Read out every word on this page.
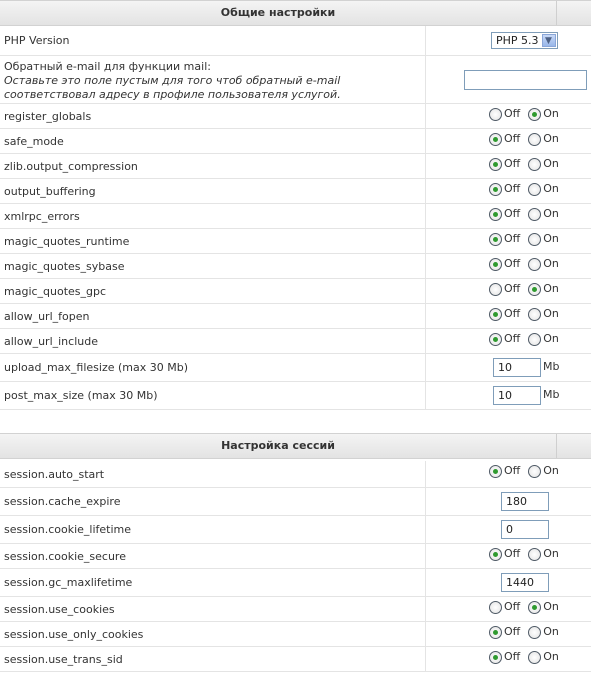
Общие настройки
PHP Version	PHP 5.3 ▼
Обратный e-mail для функции mail:
Оставьте это поле пустым для того чтоб обратный e-mail соответствовал адресу в профиле пользователя услугой.
register_globals	Off On
safe_mode	Off On
zlib.output_compression	Off On
output_buffering	Off On
xmlrpc_errors	Off On
magic_quotes_runtime	Off On
magic_quotes_sybase	Off On
magic_quotes_gpc	Off On
allow_url_fopen	Off On
allow_url_include	Off On
upload_max_filesize (max 30 Mb)	10	Mb
post_max_size (max 30 Mb)	10	Mb
Настройка сессий
session.auto_start	Off On
session.cache_expire	180
session.cookie_lifetime	0
session.cookie_secure	Off On
session.gc_maxlifetime	1440
session.use_cookies	Off On
session.use_only_cookies	Off On
session.use_trans_sid	Off On
